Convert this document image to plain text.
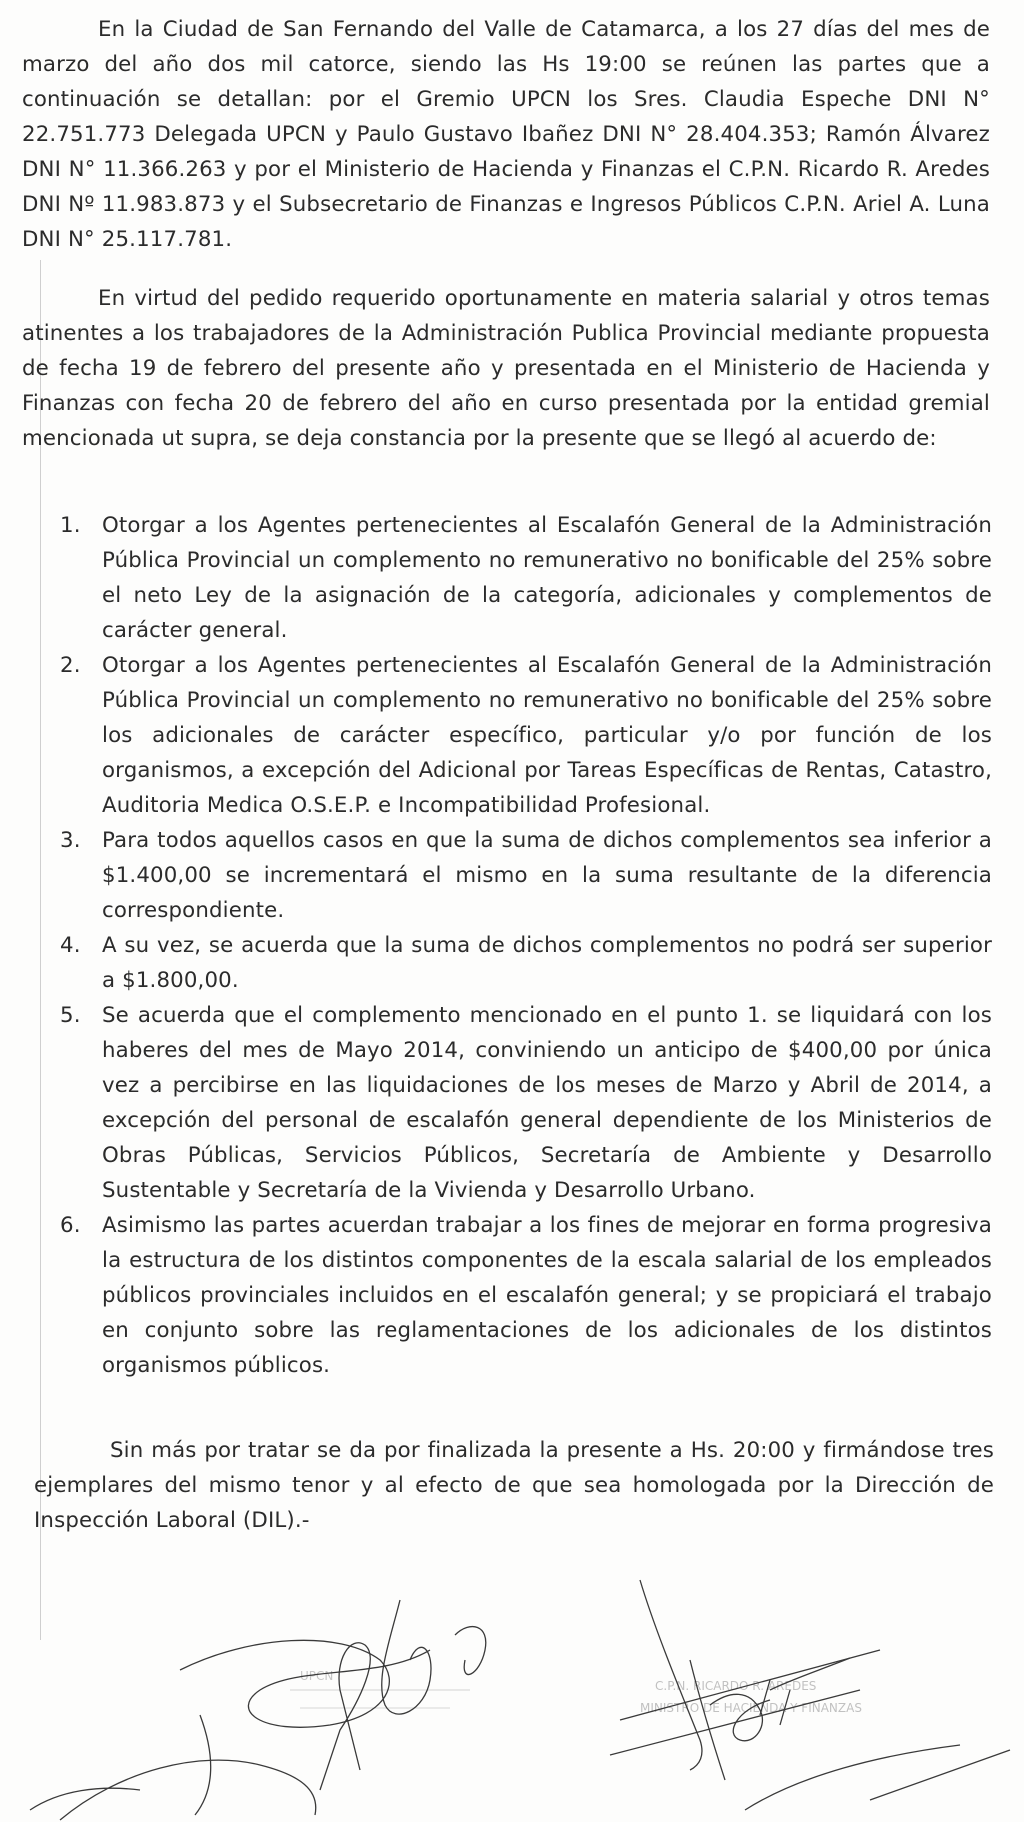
En la Ciudad de San Fernando del Valle de Catamarca, a los 27 días del mes de marzo del año dos mil catorce, siendo las Hs 19:00 se reúnen las partes que a continuación se detallan: por el Gremio UPCN los Sres. Claudia Espeche DNI N° 22.751.773 Delegada UPCN y Paulo Gustavo Ibañez DNI N° 28.404.353; Ramón Álvarez DNI N° 11.366.263 y por el Ministerio de Hacienda y Finanzas el C.P.N. Ricardo R. Aredes DNI Nº 11.983.873 y el Subsecretario de Finanzas e Ingresos Públicos C.P.N. Ariel A. Luna DNI N° 25.117.781.

En virtud del pedido requerido oportunamente en materia salarial y otros temas atinentes a los trabajadores de la Administración Publica Provincial mediante propuesta de fecha 19 de febrero del presente año y presentada en el Ministerio de Hacienda y Finanzas con fecha 20 de febrero del año en curso presentada por la entidad gremial mencionada ut supra, se deja constancia por la presente que se llegó al acuerdo de:

1.	Otorgar a los Agentes pertenecientes al Escalafón General de la Administración Pública Provincial un complemento no remunerativo no bonificable del 25% sobre el neto Ley de la asignación de la categoría, adicionales y complementos de carácter general.
2.	Otorgar a los Agentes pertenecientes al Escalafón General de la Administración Pública Provincial un complemento no remunerativo no bonificable del 25% sobre los adicionales de carácter específico, particular y/o por función de los organismos, a excepción del Adicional por Tareas Específicas de Rentas, Catastro, Auditoria Medica O.S.E.P. e Incompatibilidad Profesional.
3.	Para todos aquellos casos en que la suma de dichos complementos sea inferior a $1.400,00 se incrementará el mismo en la suma resultante de la diferencia correspondiente.
4.	A su vez, se acuerda que la suma de dichos complementos no podrá ser superior a $1.800,00.
5.	Se acuerda que el complemento mencionado en el punto 1. se liquidará con los haberes del mes de Mayo 2014, conviniendo un anticipo de $400,00 por única vez a percibirse en las liquidaciones de los meses de Marzo y Abril de 2014, a excepción del personal de escalafón general dependiente de los Ministerios de Obras Públicas, Servicios Públicos, Secretaría de Ambiente y Desarrollo Sustentable y Secretaría de la Vivienda y Desarrollo Urbano.
6.	Asimismo las partes acuerdan trabajar a los fines de mejorar en forma progresiva la estructura de los distintos componentes de la escala salarial de los empleados públicos provinciales incluidos en el escalafón general; y se propiciará el trabajo en conjunto sobre las reglamentaciones de los adicionales de los distintos organismos públicos.

Sin más por tratar se da por finalizada la presente a Hs. 20:00 y firmándose tres ejemplares del mismo tenor y al efecto de que sea homologada por la Dirección de Inspección Laboral (DIL).-

UPCN
C.P.N. RICARDO R. AREDES
MINISTRO DE HACIENDA Y FINANZAS
